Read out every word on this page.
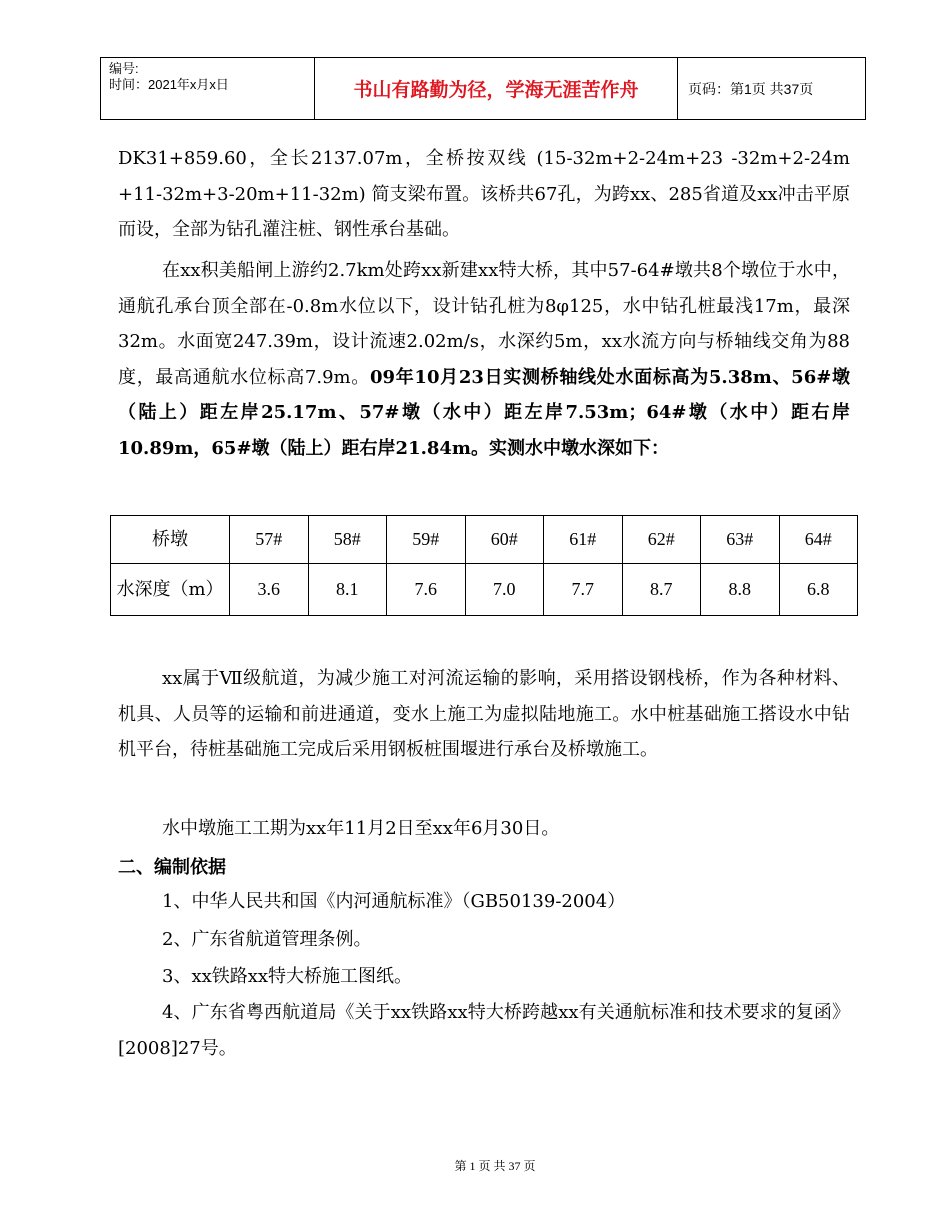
编号:
时间：2021年x月x日	书山有路勤为径，学海无涯苦作舟	页码：第1页 共37页
DK31+859.60，全长2137.07m，全桥按双线 (15-32m+2-24m+23 -32m+2-24m +11-32m+3-20m+11-32m) 简支梁布置。该桥共67孔，为跨xx、285省道及xx冲击平原而设，全部为钻孔灌注桩、钢性承台基础。
在xx积美船闸上游约2.7km处跨xx新建xx特大桥，其中57-64#墩共8个墩位于水中，通航孔承台顶全部在-0.8m水位以下，设计钻孔桩为8φ125，水中钻孔桩最浅17m，最深32m。水面宽247.39m，设计流速2.02m/s，水深约5m，xx水流方向与桥轴线交角为88度，最高通航水位标高7.9m。09年10月23日实测桥轴线处水面标高为5.38m、56#墩（陆上）距左岸25.17m、57#墩（水中）距左岸7.53m；64#墩（水中）距右岸10.89m，65#墩（陆上）距右岸21.84m。实测水中墩水深如下：
桥墩	57#	58#	59#	60#	61#	62#	63#	64#
水深度（m）	3.6	8.1	7.6	7.0	7.7	8.7	8.8	6.8
xx属于Ⅶ级航道，为减少施工对河流运输的影响，采用搭设钢栈桥，作为各种材料、机具、人员等的运输和前进通道，变水上施工为虚拟陆地施工。水中桩基础施工搭设水中钻机平台，待桩基础施工完成后采用钢板桩围堰进行承台及桥墩施工。
水中墩施工工期为xx年11月2日至xx年6月30日。
二、编制依据
1、中华人民共和国《内河通航标准》（GB50139-2004）
2、广东省航道管理条例。
3、xx铁路xx特大桥施工图纸。
4、广东省粤西航道局《关于xx铁路xx特大桥跨越xx有关通航标准和技术要求的复函》[2008]27号。
第 1 页 共 37 页
